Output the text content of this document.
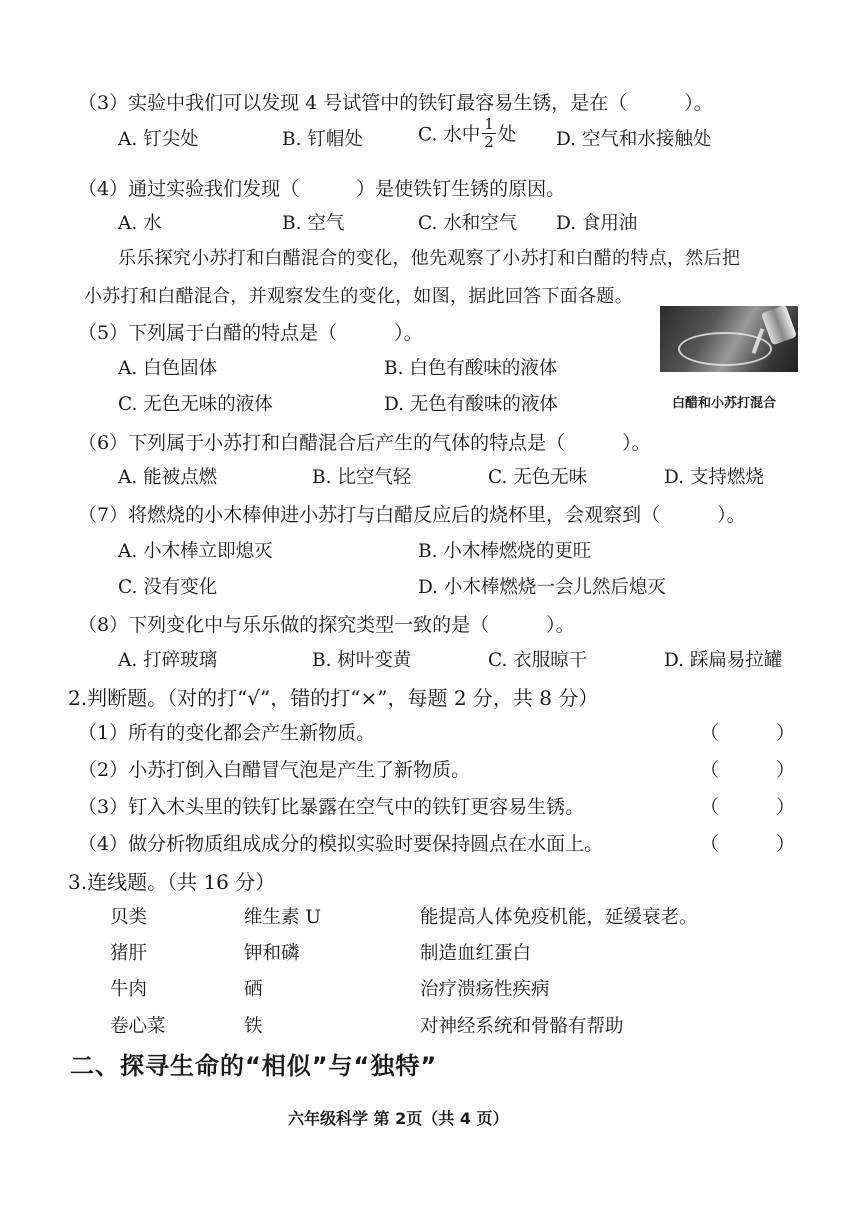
（3）实验中我们可以发现 4 号试管中的铁钉最容易生锈，是在（　　　）。
A. 钉尖处	B. 钉帽处	C. 水中 $\frac{1}{2}$ 处 D. 空气和水接触处
（4）通过实验我们发现（　　　）是使铁钉生锈的原因。
A. 水	B. 空气	C. 水和空气 D. 食用油
乐乐探究小苏打和白醋混合的变化，他先观察了小苏打和白醋的特点，然后把
小苏打和白醋混合，并观察发生的变化，如图，据此回答下面各题。
白醋和小苏打混合
（5）下列属于白醋的特点是（　　　）。
A. 白色固体	B. 白色有酸味的液体
C. 无色无味的液体	D. 无色有酸味的液体
（6）下列属于小苏打和白醋混合后产生的气体的特点是（　　　）。
A. 能被点燃	B. 比空气轻	C. 无色无味	D. 支持燃烧
（7）将燃烧的小木棒伸进小苏打与白醋反应后的烧杯里，会观察到（　　　）。
A. 小木棒立即熄灭	B. 小木棒燃烧的更旺
C. 没有变化	D. 小木棒燃烧一会儿然后熄灭
（8）下列变化中与乐乐做的探究类型一致的是（　　　）。
A. 打碎玻璃	B. 树叶变黄	C. 衣服晾干	D. 踩扁易拉罐
2.判断题。（对的打“√”，错的打“×”，每题 2 分，共 8 分）
（1）所有的变化都会产生新物质。	（　　　）
（2）小苏打倒入白醋冒气泡是产生了新物质。	（　　　）
（3）钉入木头里的铁钉比暴露在空气中的铁钉更容易生锈。	（　　　）
（4）做分析物质组成成分的模拟实验时要保持圆点在水面上。	（　　　）
3.连线题。（共 16 分）
贝类	维生素 U	能提高人体免疫机能，延缓衰老。
猪肝	钾和磷	制造血红蛋白
牛肉	硒	治疗溃疡性疾病
卷心菜	铁	对神经系统和骨骼有帮助
二、探寻生命的“相似”与“独特”
六年级科学 第 2页（共 4 页）
